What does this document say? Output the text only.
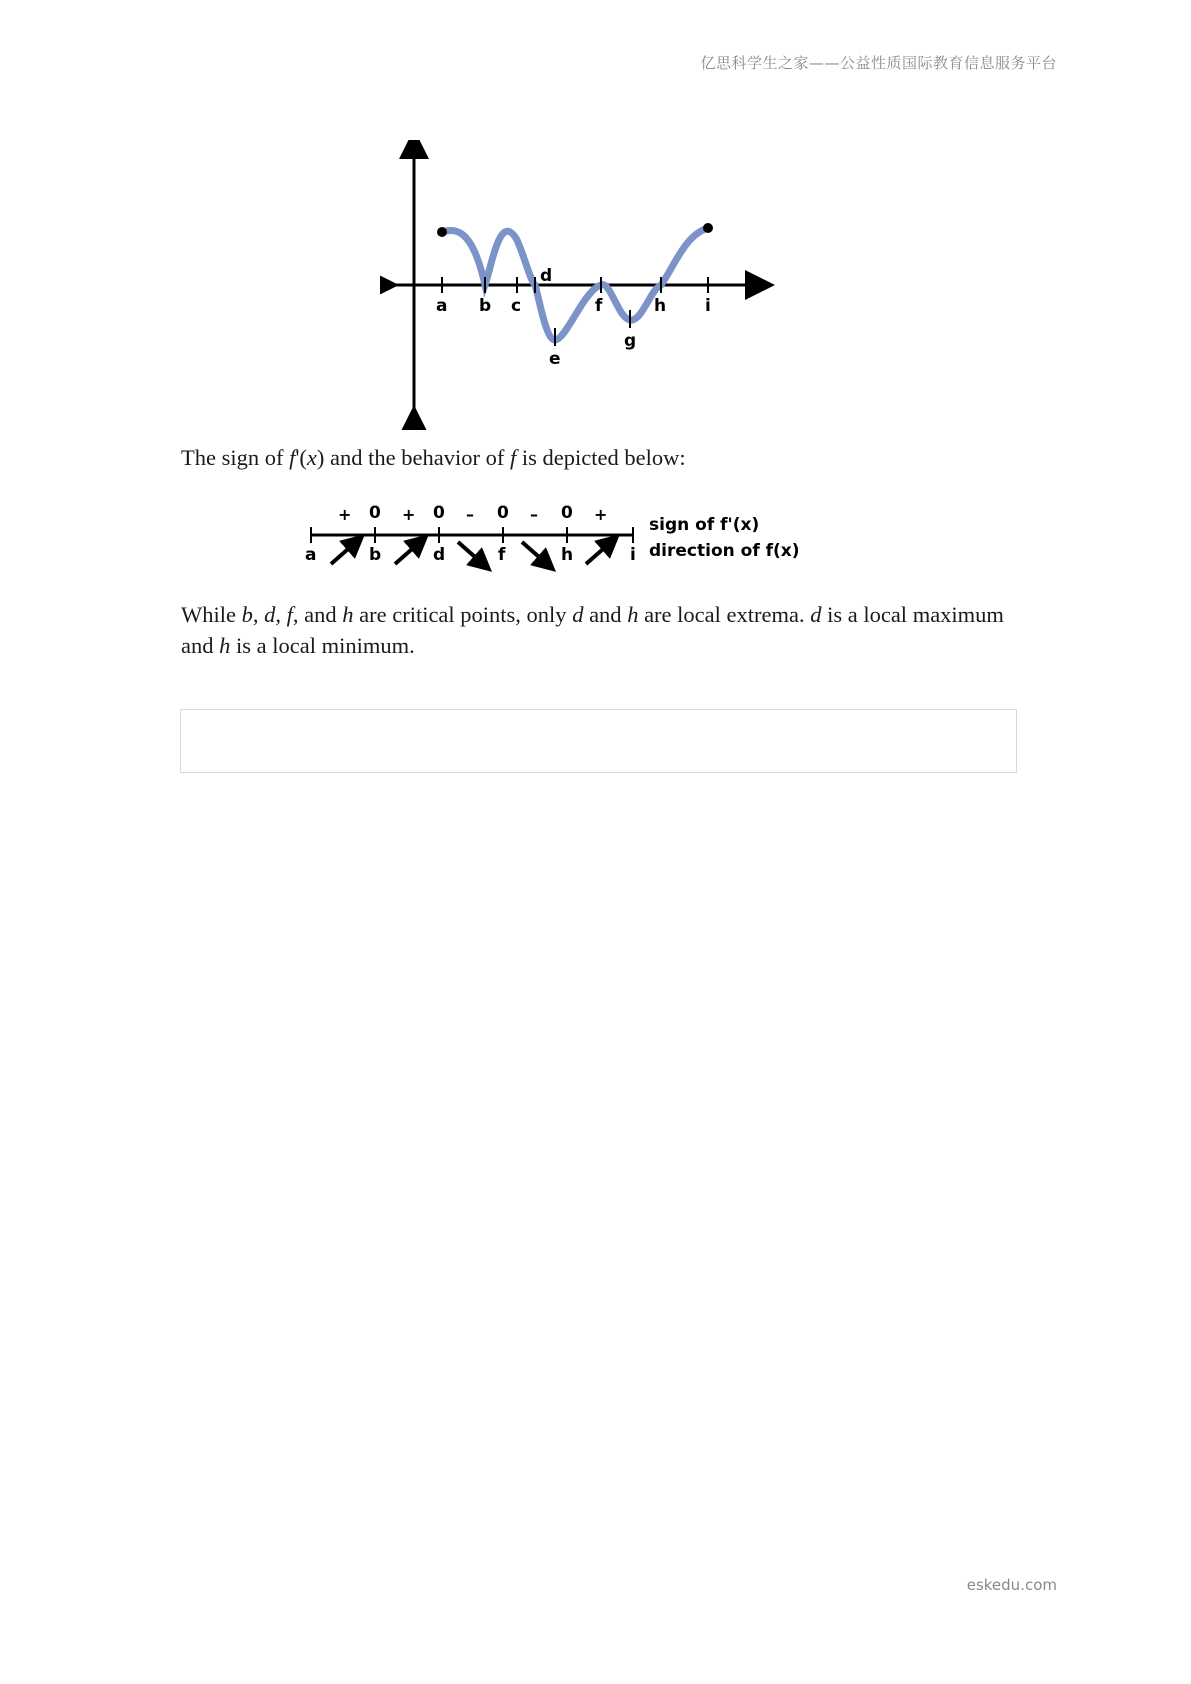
亿思科学生之家——公益性质国际教育信息服务平台
a b c
d
e
f
g
h i

The sign of f'(x) and the behavior of f is depicted below:

+ 0 + 0 – 0 – 0 +
a	b	d	f	h	i
sign of f'(x)
direction of f(x)

While b, d, f, and h are critical points, only d and h are local extrema. d is a local maximum and h is a local minimum.

eskedu.com
